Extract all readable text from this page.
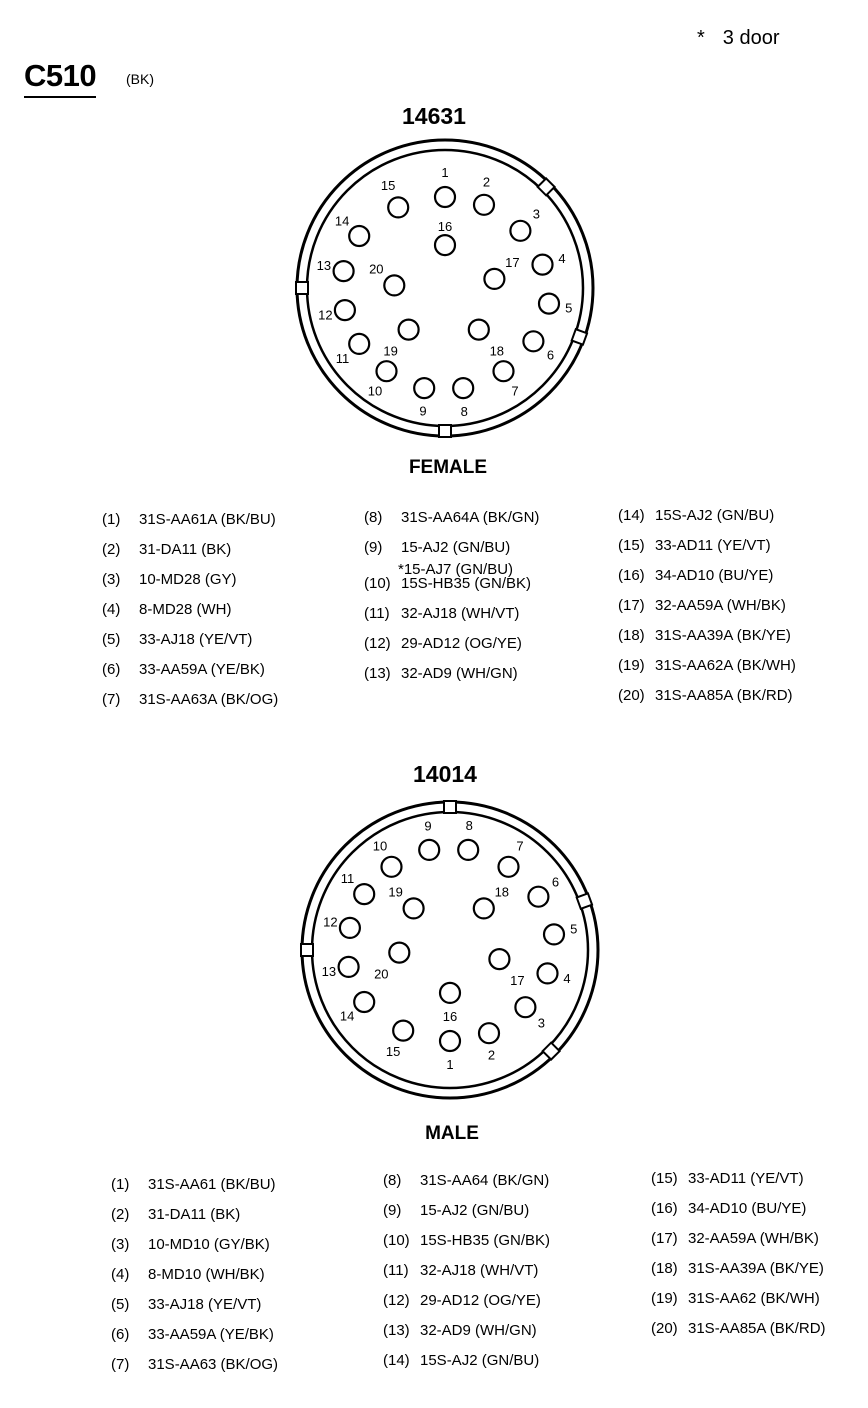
* 3 door
C510 (BK)
14631
1
2
3
4
5
6
7
8
9
10
11
12
13
14
15
16
17
18
19
20
FEMALE
(1) 31S-AA61A (BK/BU)
(2) 31-DA11 (BK)
(3) 10-MD28 (GY)
(4) 8-MD28 (WH)
(5) 33-AJ18 (YE/VT)
(6) 33-AA59A (YE/BK)
(7) 31S-AA63A (BK/OG)
(8) 31S-AA64A (BK/GN)
(9) 15-AJ2 (GN/BU)
*15-AJ7 (GN/BU)
(10) 15S-HB35 (GN/BK)
(11) 32-AJ18 (WH/VT)
(12) 29-AD12 (OG/YE)
(13) 32-AD9 (WH/GN)
(14) 15S-AJ2 (GN/BU)
(15) 33-AD11 (YE/VT)
(16) 34-AD10 (BU/YE)
(17) 32-AA59A (WH/BK)
(18) 31S-AA39A (BK/YE)
(19) 31S-AA62A (BK/WH)
(20) 31S-AA85A (BK/RD)
14014
1
2
3
4
5
6
7
8
9
10
11
12
13
14
15
16
17
18
19
20
MALE
(1) 31S-AA61 (BK/BU)
(2) 31-DA11 (BK)
(3) 10-MD10 (GY/BK)
(4) 8-MD10 (WH/BK)
(5) 33-AJ18 (YE/VT)
(6) 33-AA59A (YE/BK)
(7) 31S-AA63 (BK/OG)
(8) 31S-AA64 (BK/GN)
(9) 15-AJ2 (GN/BU)
(10) 15S-HB35 (GN/BK)
(11) 32-AJ18 (WH/VT)
(12) 29-AD12 (OG/YE)
(13) 32-AD9 (WH/GN)
(14) 15S-AJ2 (GN/BU)
(15) 33-AD11 (YE/VT)
(16) 34-AD10 (BU/YE)
(17) 32-AA59A (WH/BK)
(18) 31S-AA39A (BK/YE)
(19) 31S-AA62 (BK/WH)
(20) 31S-AA85A (BK/RD)
